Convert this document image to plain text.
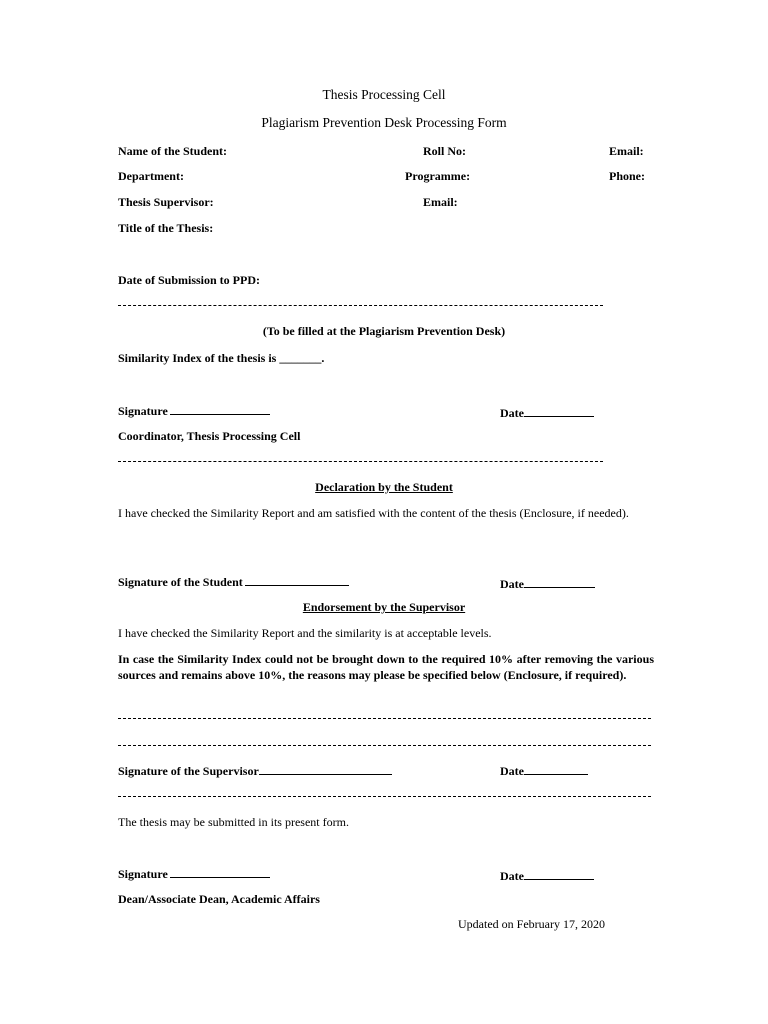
Thesis Processing Cell
Plagiarism Prevention Desk Processing Form
Name of the Student:	Roll No:	Email:
Department:	Programme:	Phone:
Thesis Supervisor:	Email:
Title of the Thesis:
Date of Submission to PPD:
(To be filled at the Plagiarism Prevention Desk)
Similarity Index of the thesis is _______.
Signature	Date
Coordinator, Thesis Processing Cell
Declaration by the Student
I have checked the Similarity Report and am satisfied with the content of the thesis (Enclosure, if needed).
Signature of the Student	Date
Endorsement by the Supervisor
I have checked the Similarity Report and the similarity is at acceptable levels.
In case the Similarity Index could not be brought down to the required 10% after removing the various sources and remains above 10%, the reasons may please be specified below (Enclosure, if required).
Signature of the Supervisor	Date
The thesis may be submitted in its present form.
Signature	Date
Dean/Associate Dean, Academic Affairs
Updated on February 17, 2020
